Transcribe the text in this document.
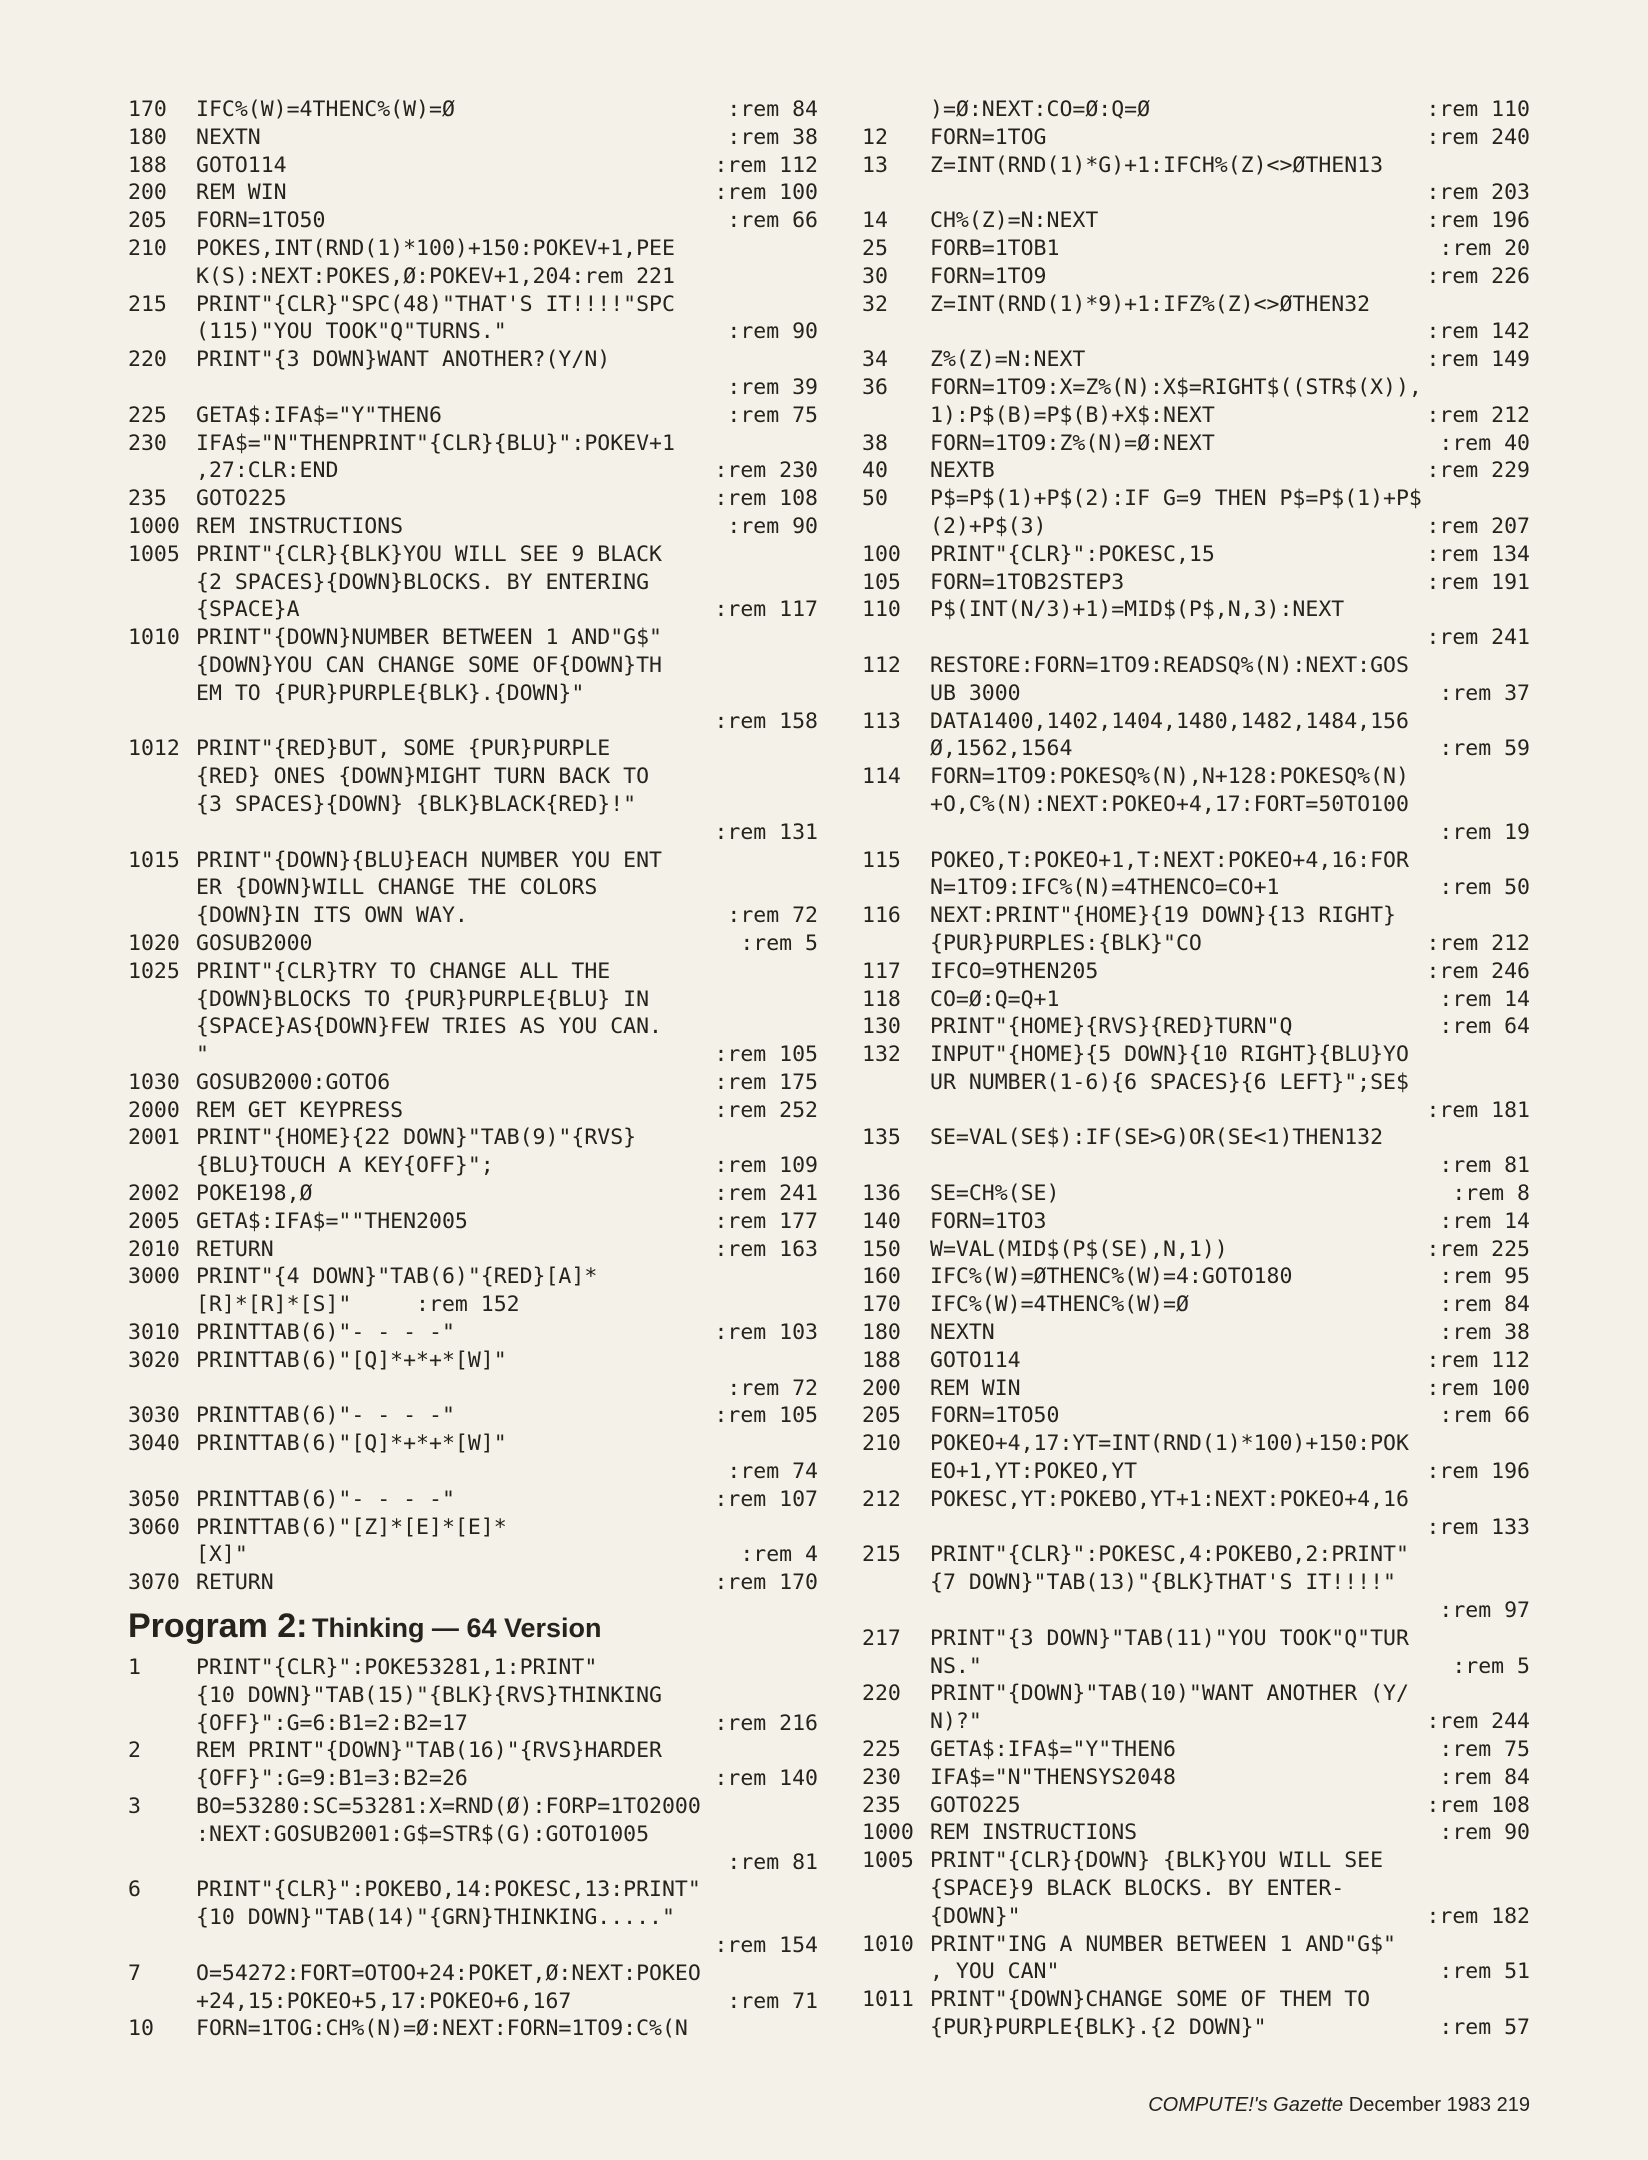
170	IFC%(W)=4THENC%(W)=Ø	:rem 84
180	NEXTN	:rem 38
188	GOTO114	:rem 112
200	REM WIN	:rem 100
205	FORN=1TO50	:rem 66
210	POKES,INT(RND(1)*100)+150:POKEV+1,PEE
K(S):NEXT:POKES,Ø:POKEV+1,204:rem 221
215	PRINT"{CLR}"SPC(48)"THAT'S IT!!!!"SPC
(115)"YOU TOOK"Q"TURNS."	:rem 90
220	PRINT"{3 DOWN}WANT ANOTHER?(Y/N)
:rem 39
225	GETA$:IFA$="Y"THEN6	:rem 75
230	IFA$="N"THENPRINT"{CLR}{BLU}":POKEV+1
,27:CLR:END	:rem 230
235	GOTO225	:rem 108
1000 REM INSTRUCTIONS	:rem 90
1005 PRINT"{CLR}{BLK}YOU WILL SEE 9 BLACK
{2 SPACES}{DOWN}BLOCKS. BY ENTERING
{SPACE}A	:rem 117
1010 PRINT"{DOWN}NUMBER BETWEEN 1 AND"G$"
{DOWN}YOU CAN CHANGE SOME OF{DOWN}TH
EM TO {PUR}PURPLE{BLK}.{DOWN}"
:rem 158
1012 PRINT"{RED}BUT, SOME {PUR}PURPLE
{RED} ONES {DOWN}MIGHT TURN BACK TO
{3 SPACES}{DOWN} {BLK}BLACK{RED}!"
:rem 131
1015 PRINT"{DOWN}{BLU}EACH NUMBER YOU ENT
ER {DOWN}WILL CHANGE THE COLORS
{DOWN}IN ITS OWN WAY.	:rem 72
1020 GOSUB2000	:rem 5
1025 PRINT"{CLR}TRY TO CHANGE ALL THE
{DOWN}BLOCKS TO {PUR}PURPLE{BLU} IN
{SPACE}AS{DOWN}FEW TRIES AS YOU CAN.
"	:rem 105
1030 GOSUB2000:GOTO6	:rem 175
2000 REM GET KEYPRESS	:rem 252
2001 PRINT"{HOME}{22 DOWN}"TAB(9)"{RVS}
{BLU}TOUCH A KEY{OFF}";	:rem 109
2002 POKE198,Ø	:rem 241
2005 GETA$:IFA$=""THEN2005	:rem 177
2010 RETURN	:rem 163
3000 PRINT"{4 DOWN}"TAB(6)"{RED}[A]*
[R]*[R]*[S]"     :rem 152
3010 PRINTTAB(6)"- - - -"	:rem 103
3020 PRINTTAB(6)"[Q]*+*+*[W]"
:rem 72
3030 PRINTTAB(6)"- - - -"	:rem 105
3040 PRINTTAB(6)"[Q]*+*+*[W]"
:rem 74
3050 PRINTTAB(6)"- - - -"	:rem 107
3060 PRINTTAB(6)"[Z]*[E]*[E]*
[X]"	:rem 4
3070 RETURN	:rem 170
Program 2: Thinking — 64 Version
1	PRINT"{CLR}":POKE53281,1:PRINT"
{10 DOWN}"TAB(15)"{BLK}{RVS}THINKING
{OFF}":G=6:B1=2:B2=17	:rem 216
2	REM PRINT"{DOWN}"TAB(16)"{RVS}HARDER
{OFF}":G=9:B1=3:B2=26	:rem 140
3	BO=53280:SC=53281:X=RND(Ø):FORP=1TO2000
:NEXT:GOSUB2001:G$=STR$(G):GOTO1005
:rem 81
6	PRINT"{CLR}":POKEBO,14:POKESC,13:PRINT"
{10 DOWN}"TAB(14)"{GRN}THINKING....."
:rem 154
7	O=54272:FORT=OTOO+24:POKET,Ø:NEXT:POKEO
+24,15:POKEO+5,17:POKEO+6,167	:rem 71
10	FORN=1TOG:CH%(N)=Ø:NEXT:FORN=1TO9:C%(N
)=Ø:NEXT:CO=Ø:Q=Ø	:rem 110
12	FORN=1TOG	:rem 240
13	Z=INT(RND(1)*G)+1:IFCH%(Z)<>ØTHEN13
:rem 203
14	CH%(Z)=N:NEXT	:rem 196
25	FORB=1TOB1	:rem 20
30	FORN=1TO9	:rem 226
32	Z=INT(RND(1)*9)+1:IFZ%(Z)<>ØTHEN32
:rem 142
34	Z%(Z)=N:NEXT	:rem 149
36	FORN=1TO9:X=Z%(N):X$=RIGHT$((STR$(X)),
1):P$(B)=P$(B)+X$:NEXT	:rem 212
38	FORN=1TO9:Z%(N)=Ø:NEXT	:rem 40
40	NEXTB	:rem 229
50	P$=P$(1)+P$(2):IF G=9 THEN P$=P$(1)+P$
(2)+P$(3)	:rem 207
100	PRINT"{CLR}":POKESC,15	:rem 134
105	FORN=1TOB2STEP3	:rem 191
110	P$(INT(N/3)+1)=MID$(P$,N,3):NEXT
:rem 241
112	RESTORE:FORN=1TO9:READSQ%(N):NEXT:GOS
UB 3000	:rem 37
113	DATA1400,1402,1404,1480,1482,1484,156
Ø,1562,1564	:rem 59
114	FORN=1TO9:POKESQ%(N),N+128:POKESQ%(N)
+O,C%(N):NEXT:POKEO+4,17:FORT=50TO100
:rem 19
115	POKEO,T:POKEO+1,T:NEXT:POKEO+4,16:FOR
N=1TO9:IFC%(N)=4THENCO=CO+1	:rem 50
116	NEXT:PRINT"{HOME}{19 DOWN}{13 RIGHT}
{PUR}PURPLES:{BLK}"CO	:rem 212
117	IFCO=9THEN205	:rem 246
118	CO=Ø:Q=Q+1	:rem 14
130	PRINT"{HOME}{RVS}{RED}TURN"Q	:rem 64
132	INPUT"{HOME}{5 DOWN}{10 RIGHT}{BLU}YO
UR NUMBER(1-6){6 SPACES}{6 LEFT}";SE$
:rem 181
135	SE=VAL(SE$):IF(SE>G)OR(SE<1)THEN132
:rem 81
136	SE=CH%(SE)	:rem 8
140	FORN=1TO3	:rem 14
150	W=VAL(MID$(P$(SE),N,1))	:rem 225
160	IFC%(W)=ØTHENC%(W)=4:GOTO180	:rem 95
170	IFC%(W)=4THENC%(W)=Ø	:rem 84
180	NEXTN	:rem 38
188	GOTO114	:rem 112
200	REM WIN	:rem 100
205	FORN=1TO50	:rem 66
210	POKEO+4,17:YT=INT(RND(1)*100)+150:POK
EO+1,YT:POKEO,YT	:rem 196
212	POKESC,YT:POKEBO,YT+1:NEXT:POKEO+4,16
:rem 133
215	PRINT"{CLR}":POKESC,4:POKEBO,2:PRINT"
{7 DOWN}"TAB(13)"{BLK}THAT'S IT!!!!"
:rem 97
217	PRINT"{3 DOWN}"TAB(11)"YOU TOOK"Q"TUR
NS."	:rem 5
220	PRINT"{DOWN}"TAB(10)"WANT ANOTHER (Y/
N)?"	:rem 244
225	GETA$:IFA$="Y"THEN6	:rem 75
230	IFA$="N"THENSYS2048	:rem 84
235	GOTO225	:rem 108
1000 REM INSTRUCTIONS	:rem 90
1005 PRINT"{CLR}{DOWN} {BLK}YOU WILL SEE
{SPACE}9 BLACK BLOCKS. BY ENTER-
{DOWN}"	:rem 182
1010 PRINT"ING A NUMBER BETWEEN 1 AND"G$"
, YOU CAN"	:rem 51
1011 PRINT"{DOWN}CHANGE SOME OF THEM TO
{PUR}PURPLE{BLK}.{2 DOWN}"	:rem 57
COMPUTE!'s Gazette December 1983 219
